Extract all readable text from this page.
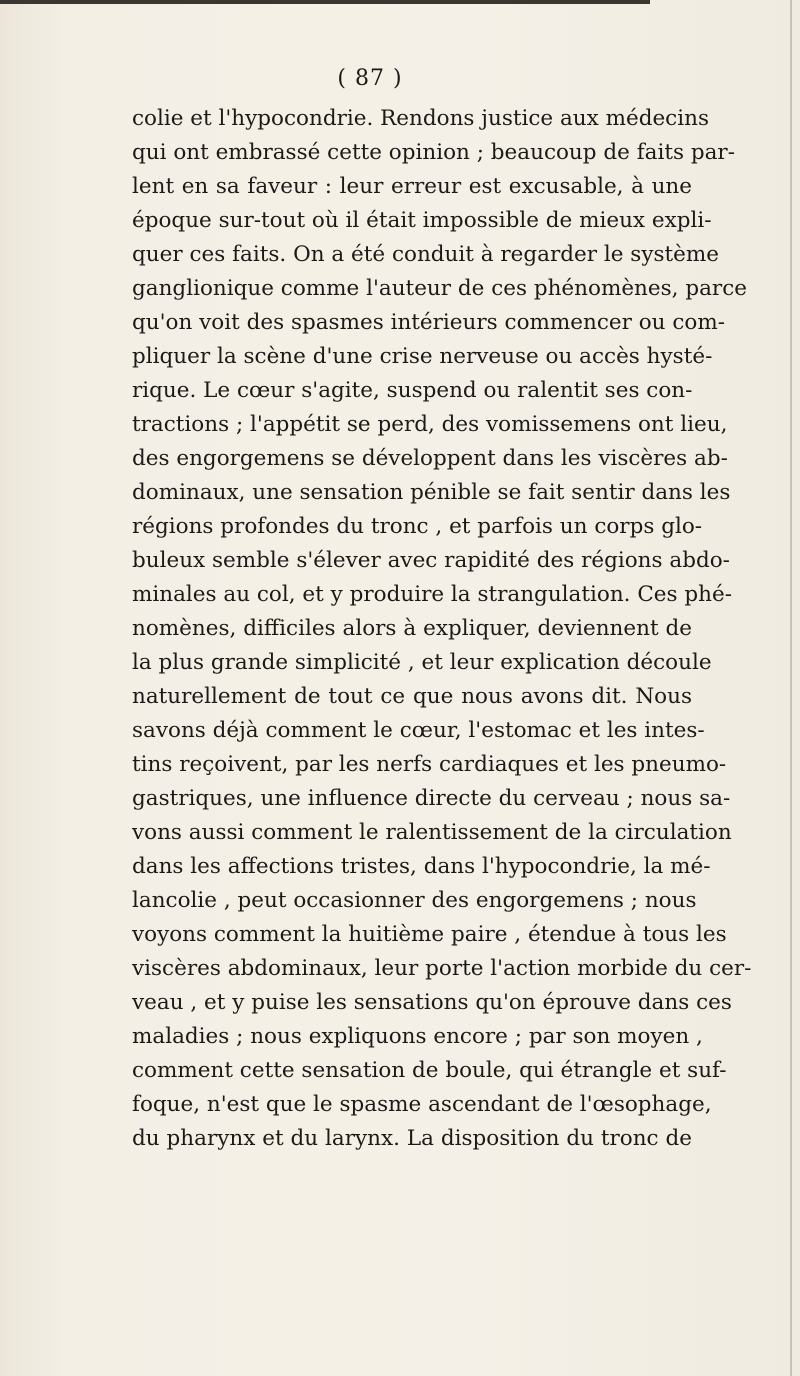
( 87 )
colie et l'hypocondrie. Rendons justice aux médecins
qui ont embrassé cette opinion ; beaucoup de faits par-
lent en sa faveur : leur erreur est excusable, à une
époque sur-tout où il était impossible de mieux expli-
quer ces faits. On a été conduit à regarder le système
ganglionique comme l'auteur de ces phénomènes, parce
qu'on voit des spasmes intérieurs commencer ou com-
pliquer la scène d'une crise nerveuse ou accès hysté-
rique. Le cœur s'agite, suspend ou ralentit ses con-
tractions ; l'appétit se perd, des vomissemens ont lieu,
des engorgemens se développent dans les viscères ab-
dominaux, une sensation pénible se fait sentir dans les
régions profondes du tronc , et parfois un corps glo-
buleux semble s'élever avec rapidité des régions abdo-
minales au col, et y produire la strangulation. Ces phé-
nomènes, difficiles alors à expliquer, deviennent de
la plus grande simplicité , et leur explication découle
naturellement de tout ce que nous avons dit. Nous
savons déjà comment le cœur, l'estomac et les intes-
tins reçoivent, par les nerfs cardiaques et les pneumo-
gastriques, une influence directe du cerveau ; nous sa-
vons aussi comment le ralentissement de la circulation
dans les affections tristes, dans l'hypocondrie, la mé-
lancolie , peut occasionner des engorgemens ; nous
voyons comment la huitième paire , étendue à tous les
viscères abdominaux, leur porte l'action morbide du cer-
veau , et y puise les sensations qu'on éprouve dans ces
maladies ; nous expliquons encore ; par son moyen ,
comment cette sensation de boule, qui étrangle et suf-
foque, n'est que le spasme ascendant de l'œsophage,
du pharynx et du larynx. La disposition du tronc de
